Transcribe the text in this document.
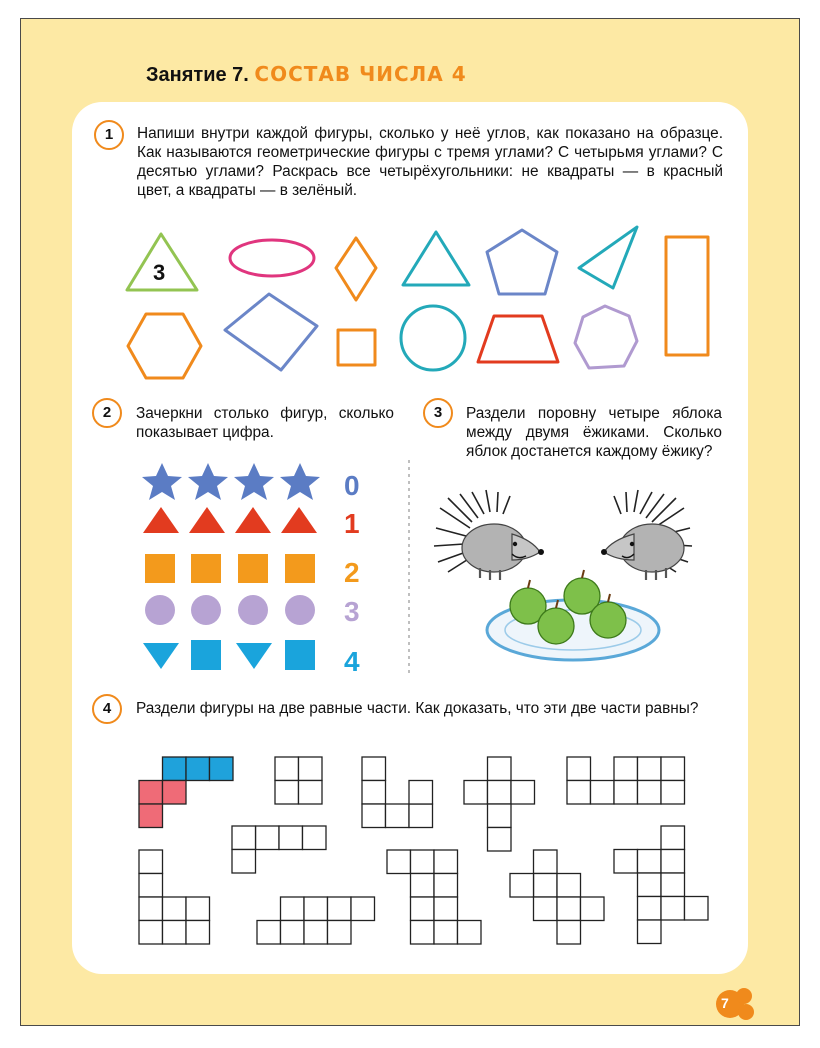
Занятие 7. СОСТАВ ЧИСЛА 4
1	Напиши внутри каждой фигуры, сколько у неё углов, как показано на образце. Как называются геометрические фигуры с тремя углами? С четырьмя углами? С десятью углами? Раскрась все четырёхугольники: не квадраты — в красный цвет, а квадраты — в зелёный.
3
2	Зачеркни столько фигур, сколько показывает цифра.
0
1
2
3
4
3	Раздели поровну четыре яблока между двумя ёжиками. Сколько яблок достанется каждому ёжику?
4	Раздели фигуры на две равные части. Как доказать, что эти две части равны?
7
